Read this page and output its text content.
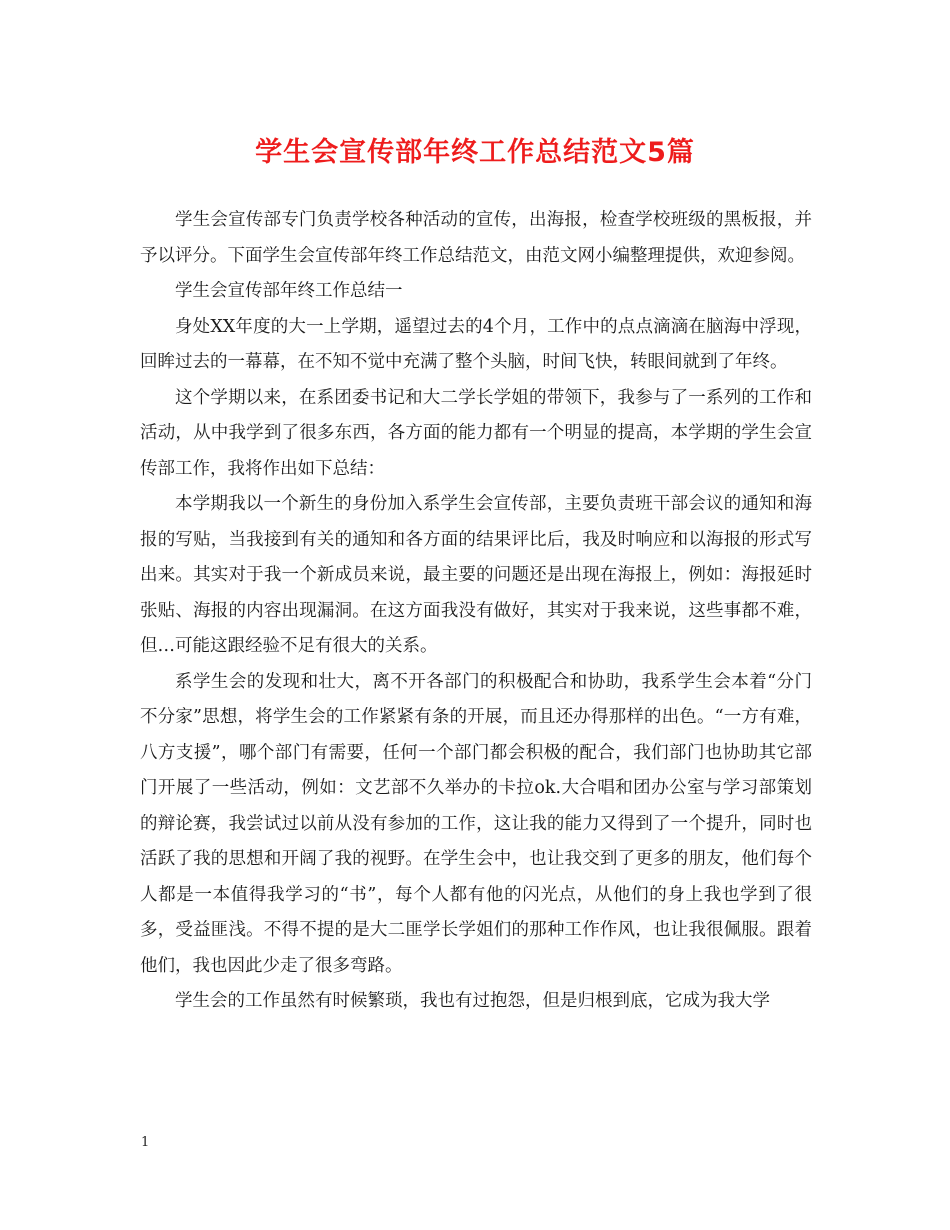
学生会宣传部年终工作总结范文5篇

学生会宣传部专门负责学校各种活动的宣传，出海报，检查学校班级的黑板报，并予以评分。下面学生会宣传部年终工作总结范文，由范文网小编整理提供，欢迎参阅。

学生会宣传部年终工作总结一

身处XX年度的大一上学期，遥望过去的4个月，工作中的点点滴滴在脑海中浮现，回眸过去的一幕幕，在不知不觉中充满了整个头脑，时间飞快，转眼间就到了年终。

这个学期以来，在系团委书记和大二学长学姐的带领下，我参与了一系列的工作和活动，从中我学到了很多东西，各方面的能力都有一个明显的提高，本学期的学生会宣传部工作，我将作出如下总结：

本学期我以一个新生的身份加入系学生会宣传部，主要负责班干部会议的通知和海报的写贴，当我接到有关的通知和各方面的结果评比后，我及时响应和以海报的形式写出来。其实对于我一个新成员来说，最主要的问题还是出现在海报上，例如：海报延时张贴、海报的内容出现漏洞。在这方面我没有做好，其实对于我来说，这些事都不难，但…可能这跟经验不足有很大的关系。

系学生会的发现和壮大，离不开各部门的积极配合和协助，我系学生会本着“分门不分家”思想，将学生会的工作紧紧有条的开展，而且还办得那样的出色。“一方有难，八方支援”，哪个部门有需要，任何一个部门都会积极的配合，我们部门也协助其它部门开展了一些活动，例如：文艺部不久举办的卡拉ok.大合唱和团办公室与学习部策划的辩论赛，我尝试过以前从没有参加的工作，这让我的能力又得到了一个提升，同时也活跃了我的思想和开阔了我的视野。在学生会中，也让我交到了更多的朋友，他们每个人都是一本值得我学习的“书”，每个人都有他的闪光点，从他们的身上我也学到了很多，受益匪浅。不得不提的是大二匪学长学姐们的那种工作作风，也让我很佩服。跟着他们，我也因此少走了很多弯路。

学生会的工作虽然有时候繁琐，我也有过抱怨，但是归根到底，它成为我大学

1
